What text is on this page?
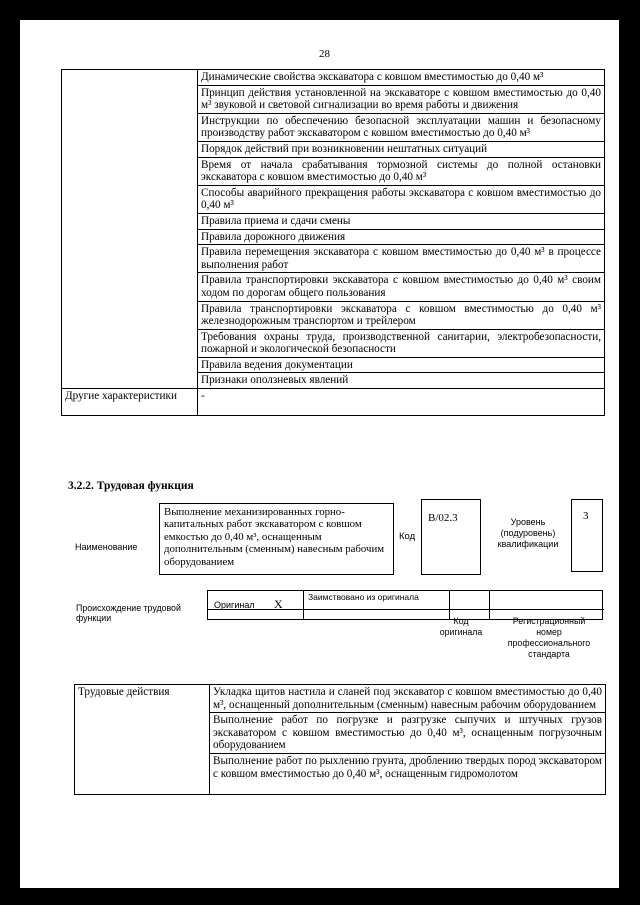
28
	Динамические свойства экскаватора с ковшом вместимостью до 0,40 м³
	Принцип действия установленной на экскаваторе с ковшом вместимостью до 0,40 м³ звуковой и световой сигнализации во время работы и движения
	Инструкции по обеспечению безопасной эксплуатации машин и безопасному производству работ экскаватором с ковшом вместимостью до 0,40 м³
	Порядок действий при возникновении нештатных ситуаций
	Время от начала срабатывания тормозной системы до полной остановки экскаватора с ковшом вместимостью до 0,40 м³
	Способы аварийного прекращения работы экскаватора с ковшом вместимостью до 0,40 м³
	Правила приема и сдачи смены
	Правила дорожного движения
	Правила перемещения экскаватора с ковшом вместимостью до 0,40 м³ в процессе выполнения работ
	Правила транспортировки экскаватора с ковшом вместимостью до 0,40 м³ своим ходом по дорогам общего пользования
	Правила транспортировки экскаватора с ковшом вместимостью до 0,40 м³ железнодорожным транспортом и трейлером
	Требования охраны труда, производственной санитарии, электробезопасности, пожарной и экологической безопасности
	Правила ведения документации
	Признаки оползневых явлений
Другие характеристики	-
3.2.2. Трудовая функция
Наименование
Выполнение механизированных горно-капитальных работ экскаватором с ковшом емкостью до 0,40 м³, оснащенным дополнительным (сменным) навесным рабочим оборудованием
Код
B/02.3	Уровень (подуровень) квалификации
3
Происхождение трудовой функции
Оригинал X	Заимствовано из оригинала
Код оригинала
Регистрационный номер профессионального стандарта
Трудовые действия	Укладка щитов настила и сланей под экскаватор с ковшом вместимостью до 0,40 м³, оснащенный дополнительным (сменным) навесным рабочим оборудованием
Выполнение работ по погрузке и разгрузке сыпучих и штучных грузов экскаватором с ковшом вместимостью до 0,40 м³, оснащенным погрузочным оборудованием
Выполнение работ по рыхлению грунта, дроблению твердых пород экскаватором с ковшом вместимостью до 0,40 м³, оснащенным гидромолотом
